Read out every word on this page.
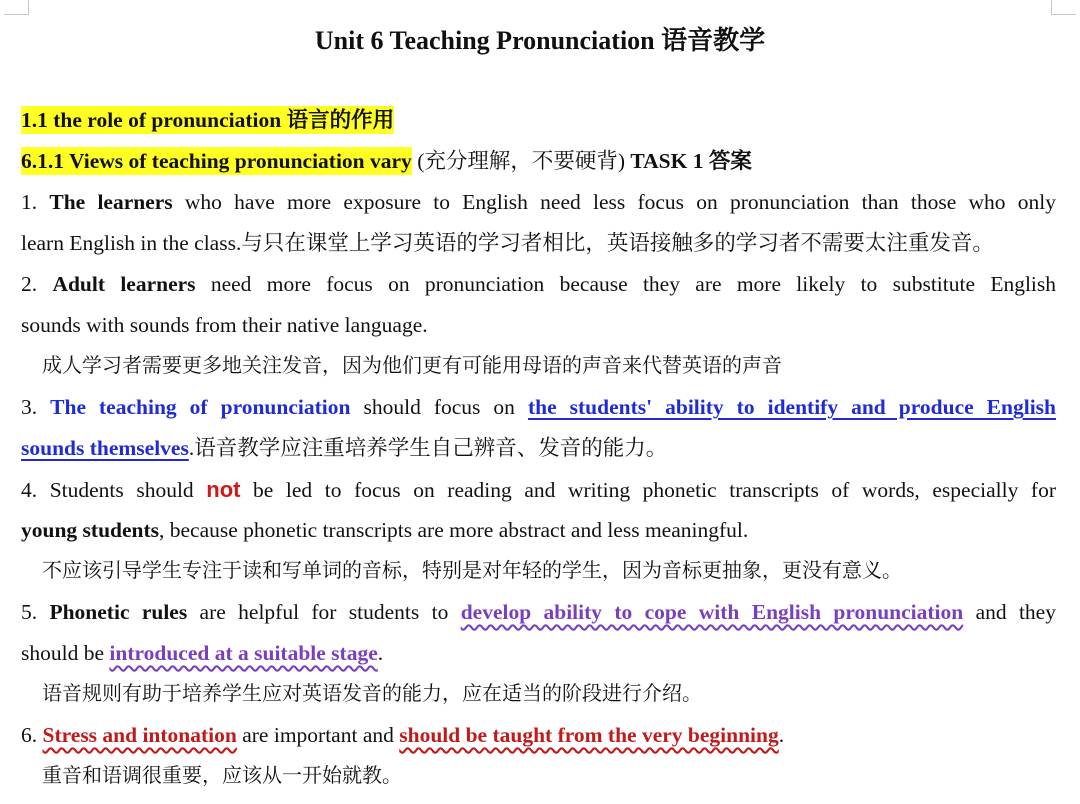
Unit 6 Teaching Pronunciation 语音教学
1.1 the role of pronunciation 语言的作用
6.1.1 Views of teaching pronunciation vary (充分理解，不要硬背) TASK 1 答案
1. The learners who have more exposure to English need less focus on pronunciation than those who only
learn English in the class.与只在课堂上学习英语的学习者相比，英语接触多的学习者不需要太注重发音。
2. Adult learners need more focus on pronunciation because they are more likely to substitute English
sounds with sounds from their native language.
成人学习者需要更多地关注发音，因为他们更有可能用母语的声音来代替英语的声音
3. The teaching of pronunciation should focus on the students' ability to identify and produce English
sounds themselves.语音教学应注重培养学生自己辨音、发音的能力。
4. Students should not be led to focus on reading and writing phonetic transcripts of words, especially for
young students, because phonetic transcripts are more abstract and less meaningful.
不应该引导学生专注于读和写单词的音标，特别是对年轻的学生，因为音标更抽象，更没有意义。
5. Phonetic rules are helpful for students to develop ability to cope with English pronunciation and they
should be introduced at a suitable stage.
语音规则有助于培养学生应对英语发音的能力，应在适当的阶段进行介绍。
6. Stress and intonation are important and should be taught from the very beginning.
重音和语调很重要，应该从一开始就教。
